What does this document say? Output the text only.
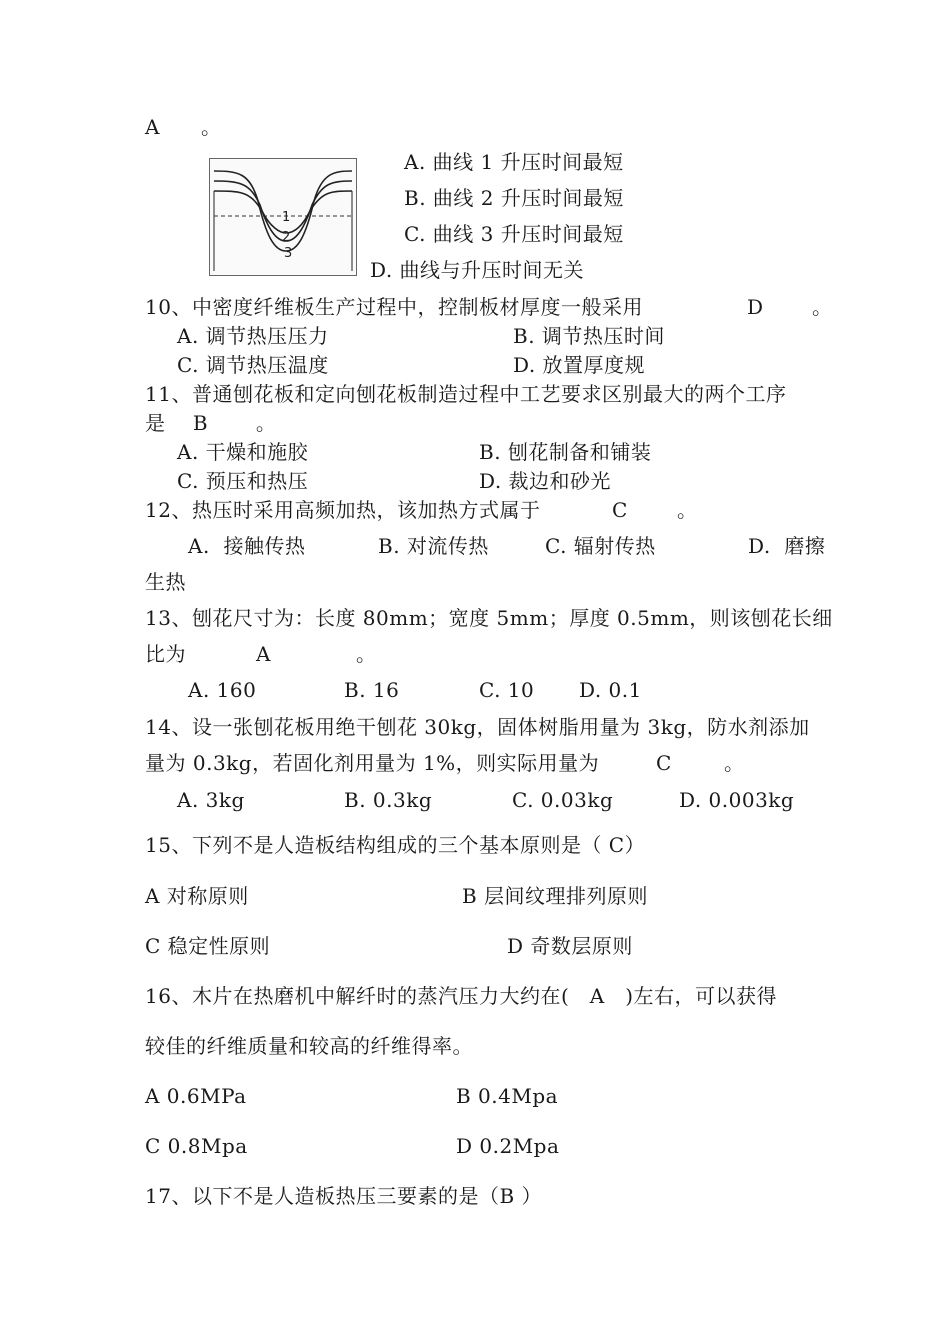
A　　。
1
2
3
A. 曲线 1 升压时间最短
B. 曲线 2 升压时间最短
C. 曲线 3 升压时间最短
D. 曲线与升压时间无关
10、中密度纤维板生产过程中，控制板材厚度一般采用	D 。
A. 调节热压压力	B. 调节热压时间
C. 调节热压温度	D. 放置厚度规
11、普通刨花板和定向刨花板制造过程中工艺要求区别最大的两个工序
是　 B　　 。
A. 干燥和施胶	B. 刨花制备和铺装
C. 预压和热压	D. 裁边和砂光
12、热压时采用高频加热，该加热方式属于	C 。
A.  接触传热	B. 对流传热	C. 辐射传热	D.  磨擦
生热
13、刨花尺寸为：长度 80mm；宽度 5mm；厚度 0.5mm，则该刨花长细
比为	A	。
A. 160	B. 16	C. 10 D. 0.1
14、设一张刨花板用绝干刨花 30kg，固体树脂用量为 3kg，防水剂添加
量为 0.3kg，若固化剂用量为 1%，则实际用量为	C	。
A. 3kg	B. 0.3kg	C. 0.03kg	D. 0.003kg
15、下列不是人造板结构组成的三个基本原则是（ C）
A 对称原则	B 层间纹理排列原则
C 稳定性原则	D 奇数层原则
16、木片在热磨机中解纤时的蒸汽压力大约在(　A　)左右，可以获得
较佳的纤维质量和较高的纤维得率。
A 0.6MPa	B 0.4Mpa
C 0.8Mpa	D 0.2Mpa
17、以下不是人造板热压三要素的是（B ）
